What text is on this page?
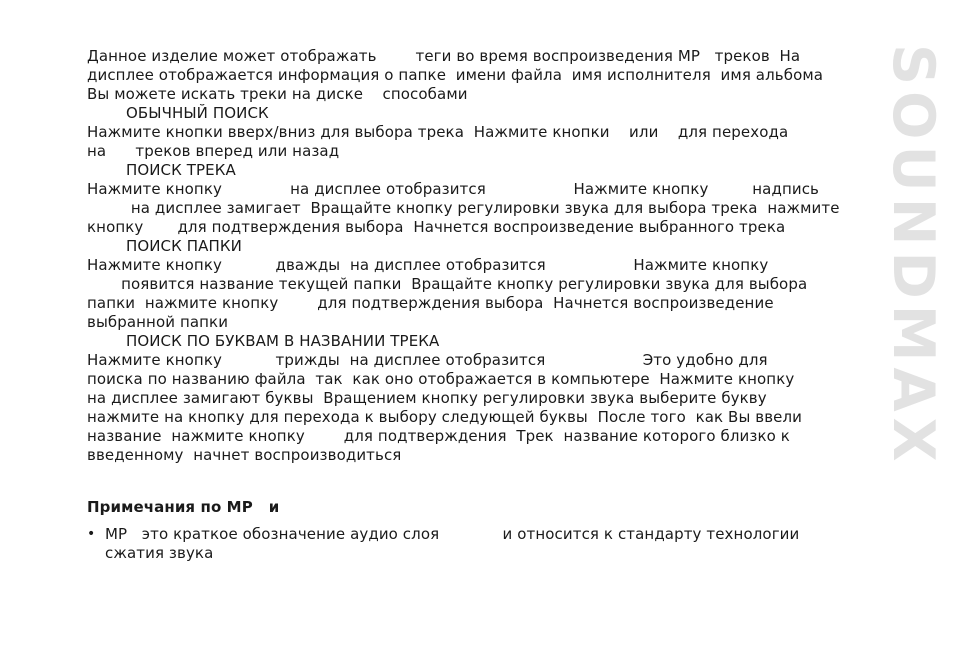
Данное изделие может отображать        теги во время воспроизведения MP   треков  На
дисплее отображается информация о папке  имени файла  имя исполнителя  имя альбома
Вы можете искать треки на диске    способами
ОБЫЧНЫЙ ПОИСК
Нажмите кнопки вверх/вниз для выбора трека  Нажмите кнопки    или    для перехода
на      треков вперед или назад
ПОИСК ТРЕКА
Нажмите кнопку              на дисплее отобразится                  Нажмите кнопку         надпись
на дисплее замигает  Вращайте кнопку регулировки звука для выбора трека  нажмите
кнопку       для подтверждения выбора  Начнется воспроизведение выбранного трека
ПОИСК ПАПКИ
Нажмите кнопку           дважды  на дисплее отобразится                  Нажмите кнопку
появится название текущей папки  Вращайте кнопку регулировки звука для выбора
папки  нажмите кнопку        для подтверждения выбора  Начнется воспроизведение
выбранной папки
ПОИСК ПО БУКВАМ В НАЗВАНИИ ТРЕКА
Нажмите кнопку           трижды  на дисплее отобразится                    Это удобно для
поиска по названию файла  так  как оно отображается в компьютере  Нажмите кнопку
на дисплее замигают буквы  Вращением кнопку регулировки звука выберите букву
нажмите на кнопку для перехода к выбору следующей буквы  После того  как Вы ввели
название  нажмите кнопку        для подтверждения  Трек  название которого близко к
введенному  начнет воспроизводиться
Примечания по MP   и
• MP   это краткое обозначение аудио слоя             и относится к стандарту технологии
сжатия звука
SOUNDMAX
